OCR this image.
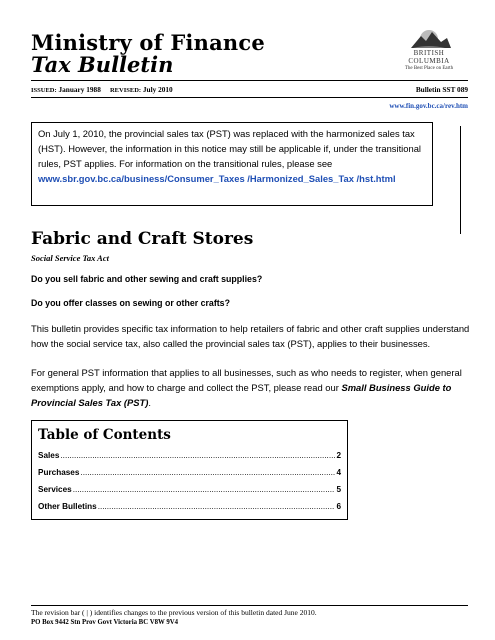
Ministry of Finance
Tax Bulletin	BRITISH
COLUMBIA
The Best Place on Earth
ISSUED: January 1988 REVISED: July 2010	Bulletin SST 089
www.fin.gov.bc.ca/rev.htm
On July 1, 2010, the provincial sales tax (PST) was replaced with the harmonized sales tax (HST). However, the information in this notice may still be applicable if, under the transitional rules, PST applies. For information on the transitional rules, please see www.sbr.gov.bc.ca/business/Consumer_Taxes /Harmonized_Sales_Tax /hst.html
Fabric and Craft Stores
Social Service Tax Act
Do you sell fabric and other sewing and craft supplies?
Do you offer classes on sewing or other crafts?
This bulletin provides specific tax information to help retailers of fabric and other craft supplies understand how the social service tax, also called the provincial sales tax (PST), applies to their businesses.
For general PST information that applies to all businesses, such as who needs to register, when general exemptions apply, and how to charge and collect the PST, please read our Small Business Guide to Provincial Sales Tax (PST).
Table of Contents
Sales .....	2
Purchases .....	4
Services .....	5
Other Bulletins .....	6
The revision bar ( | ) identifies changes to the previous version of this bulletin dated June 2010.
PO Box 9442 Stn Prov Govt Victoria BC V8W 9V4
